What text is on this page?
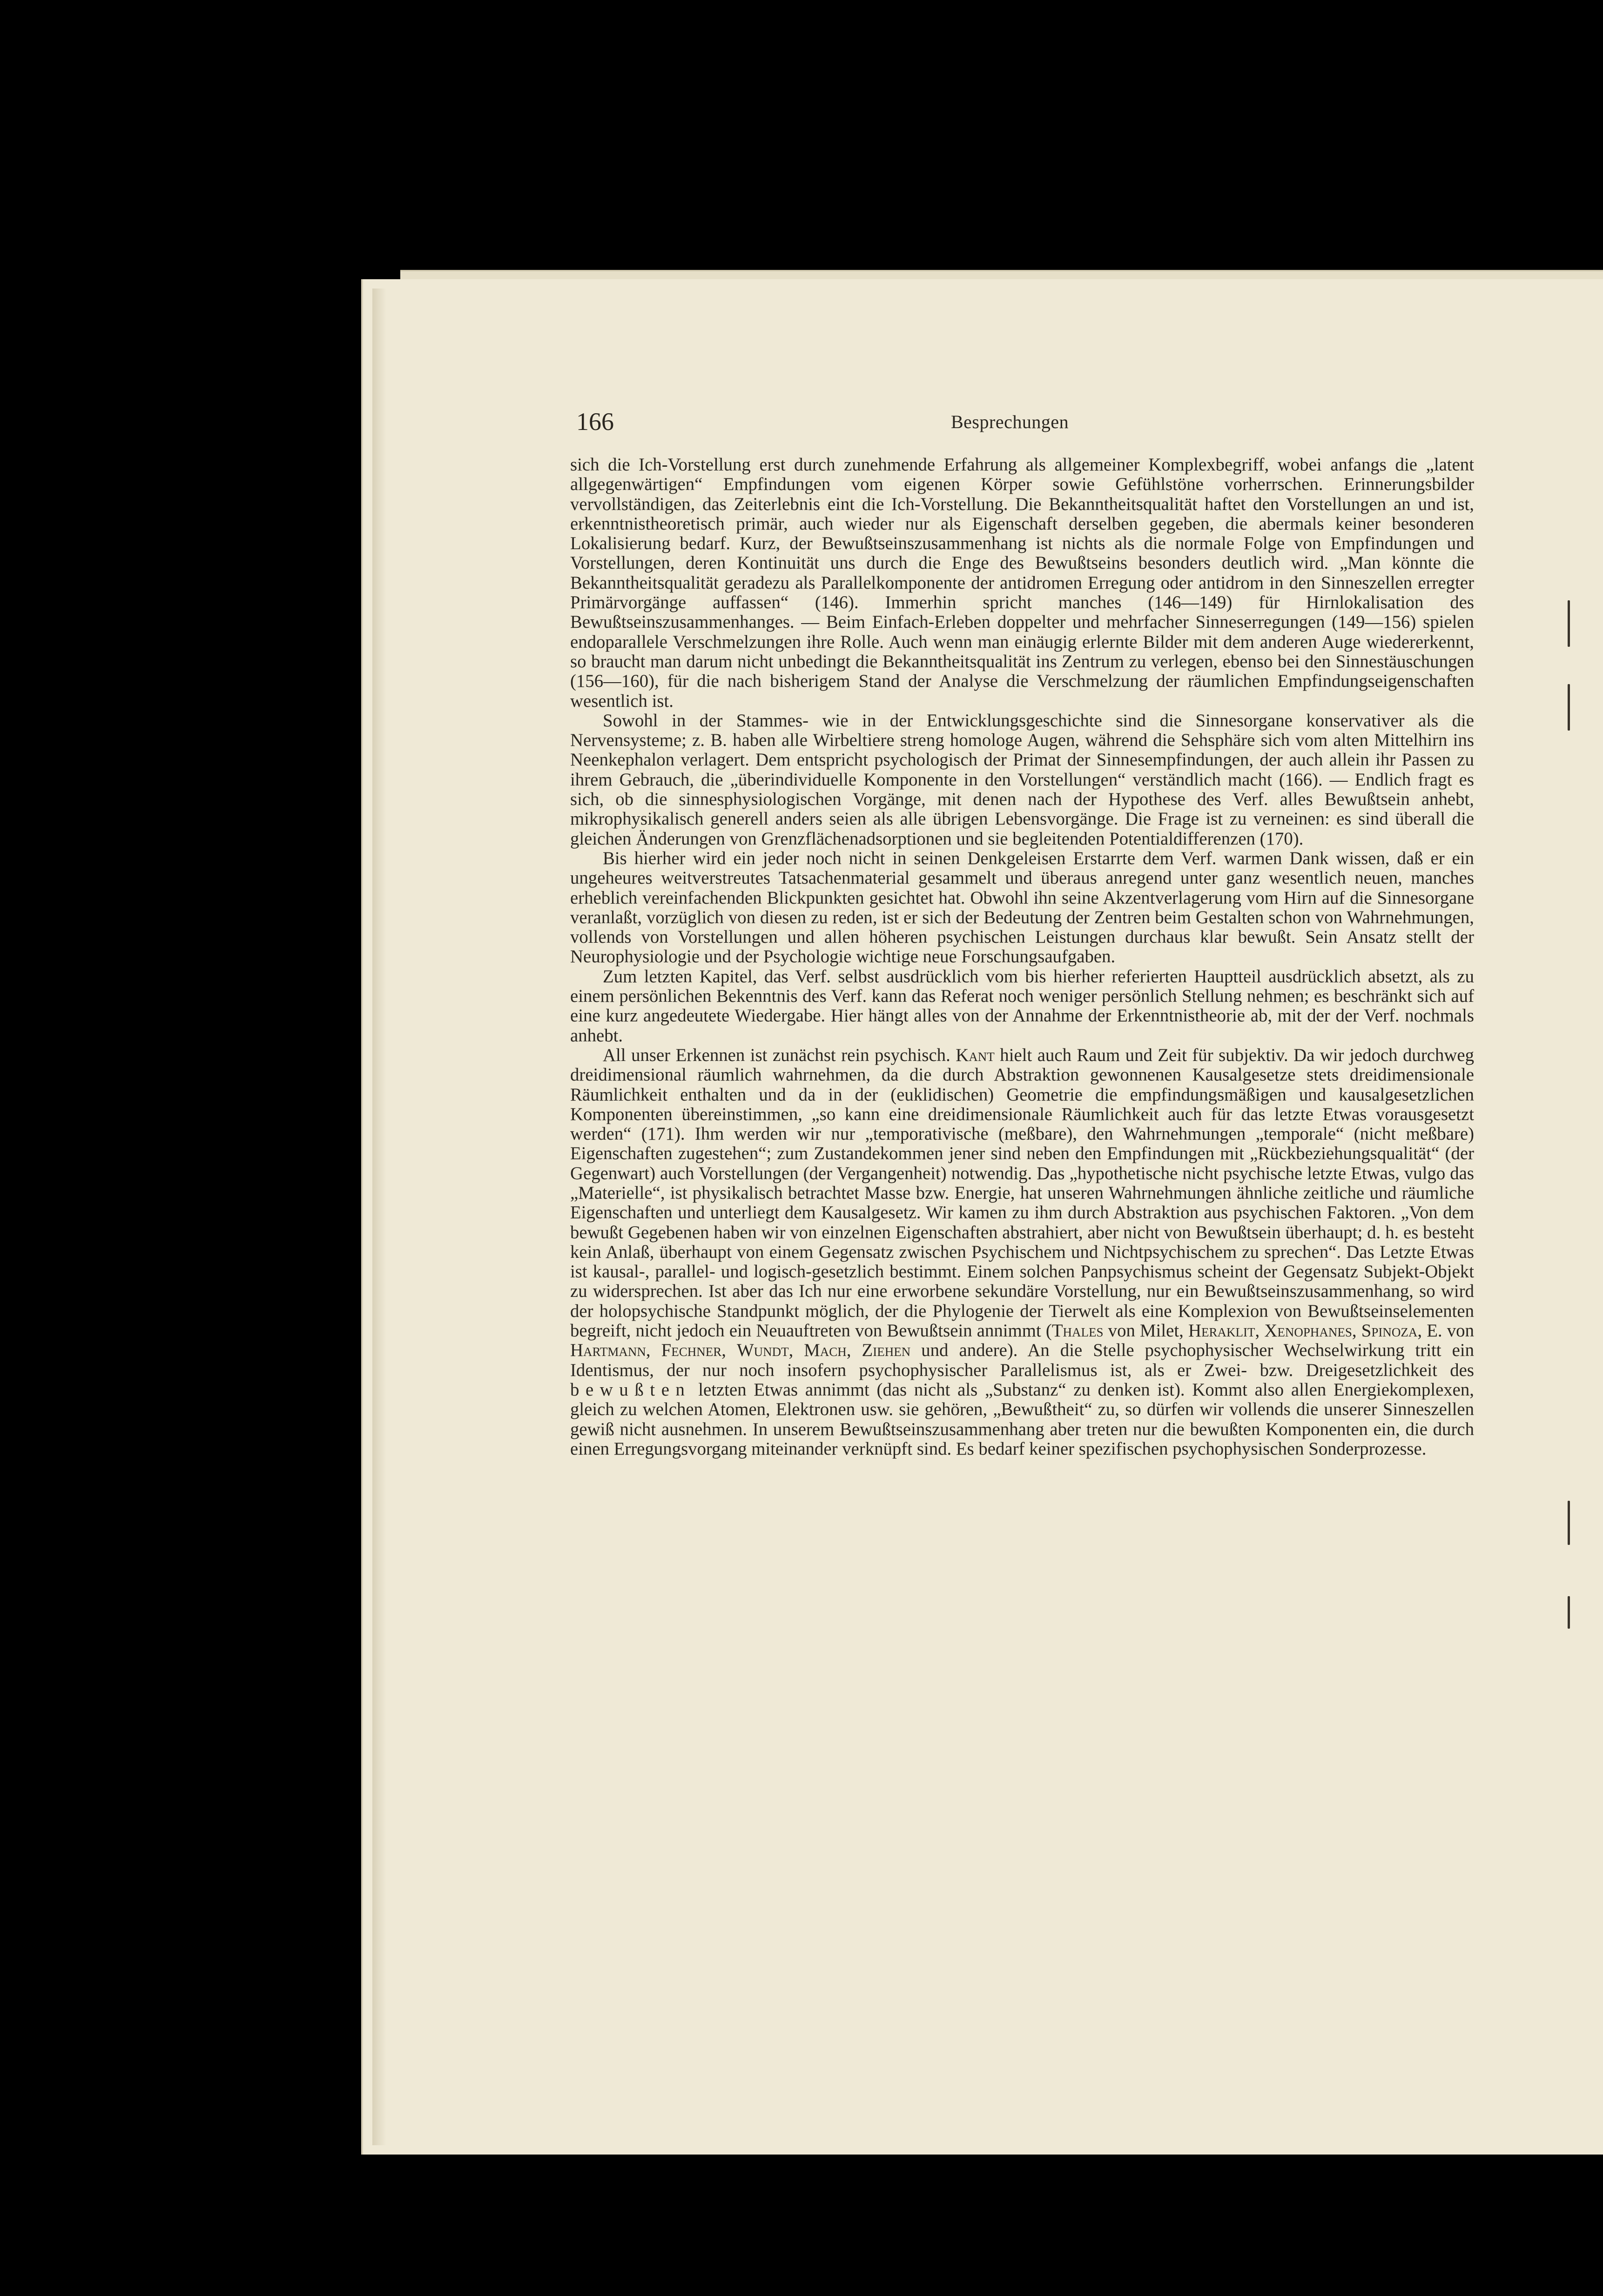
166	Besprechungen

sich die Ich-Vorstellung erst durch zunehmende Erfahrung als allgemeiner Komplexbegriff, wobei anfangs die „latent allgegenwärtigen“ Empfindungen vom eigenen Körper sowie Gefühlstöne vorherrschen. Erinnerungsbilder vervollständigen, das Zeiterlebnis eint die Ich-Vorstellung. Die Bekanntheitsqualität haftet den Vorstellungen an und ist, erkenntnistheoretisch primär, auch wieder nur als Eigenschaft derselben gegeben, die abermals keiner besonderen Lokalisierung bedarf. Kurz, der Bewußtseinszusammenhang ist nichts als die normale Folge von Empfindungen und Vorstellungen, deren Kontinuität uns durch die Enge des Bewußtseins besonders deutlich wird. „Man könnte die Bekanntheitsqualität geradezu als Parallelkomponente der antidromen Erregung oder antidrom in den Sinneszellen erregter Primärvorgänge auffassen“ (146). Immerhin spricht manches (146—149) für Hirnlokalisation des Bewußtseinszusammenhanges. — Beim Einfach-Erleben doppelter und mehrfacher Sinneserregungen (149—156) spielen endoparallele Verschmelzungen ihre Rolle. Auch wenn man einäugig erlernte Bilder mit dem anderen Auge wiedererkennt, so braucht man darum nicht unbedingt die Bekanntheitsqualität ins Zentrum zu verlegen, ebenso bei den Sinnestäuschungen (156—160), für die nach bisherigem Stand der Analyse die Verschmelzung der räumlichen Empfindungseigenschaften wesentlich ist.

Sowohl in der Stammes- wie in der Entwicklungsgeschichte sind die Sinnesorgane konservativer als die Nervensysteme; z. B. haben alle Wirbeltiere streng homologe Augen, während die Sehsphäre sich vom alten Mittelhirn ins Neenkephalon verlagert. Dem entspricht psychologisch der Primat der Sinnesempfindungen, der auch allein ihr Passen zu ihrem Gebrauch, die „überindividuelle Komponente in den Vorstellungen“ verständlich macht (166). — Endlich fragt es sich, ob die sinnesphysiologischen Vorgänge, mit denen nach der Hypothese des Verf. alles Bewußtsein anhebt, mikrophysikalisch generell anders seien als alle übrigen Lebensvorgänge. Die Frage ist zu verneinen: es sind überall die gleichen Änderungen von Grenzflächenadsorptionen und sie begleitenden Potentialdifferenzen (170).

Bis hierher wird ein jeder noch nicht in seinen Denkgeleisen Erstarrte dem Verf. warmen Dank wissen, daß er ein ungeheures weitverstreutes Tatsachenmaterial gesammelt und überaus anregend unter ganz wesentlich neuen, manches erheblich vereinfachenden Blickpunkten gesichtet hat. Obwohl ihn seine Akzentverlagerung vom Hirn auf die Sinnesorgane veranlaßt, vorzüglich von diesen zu reden, ist er sich der Bedeutung der Zentren beim Gestalten schon von Wahrnehmungen, vollends von Vorstellungen und allen höheren psychischen Leistungen durchaus klar bewußt. Sein Ansatz stellt der Neurophysiologie und der Psychologie wichtige neue Forschungsaufgaben.

Zum letzten Kapitel, das Verf. selbst ausdrücklich vom bis hierher referierten Hauptteil ausdrücklich absetzt, als zu einem persönlichen Bekenntnis des Verf. kann das Referat noch weniger persönlich Stellung nehmen; es beschränkt sich auf eine kurz angedeutete Wiedergabe. Hier hängt alles von der Annahme der Erkenntnistheorie ab, mit der der Verf. nochmals anhebt.

All unser Erkennen ist zunächst rein psychisch. Kant hielt auch Raum und Zeit für subjektiv. Da wir jedoch durchweg dreidimensional räumlich wahrnehmen, da die durch Abstraktion gewonnenen Kausalgesetze stets dreidimensionale Räumlichkeit enthalten und da in der (euklidischen) Geometrie die empfindungsmäßigen und kausalgesetzlichen Komponenten übereinstimmen, „so kann eine dreidimensionale Räumlichkeit auch für das letzte Etwas vorausgesetzt werden“ (171). Ihm werden wir nur „temporativische (meßbare), den Wahrnehmungen „temporale“ (nicht meßbare) Eigenschaften zugestehen“; zum Zustandekommen jener sind neben den Empfindungen mit „Rückbeziehungsqualität“ (der Gegenwart) auch Vorstellungen (der Vergangenheit) notwendig. Das „hypothetische nicht psychische letzte Etwas, vulgo das „Materielle“, ist physikalisch betrachtet Masse bzw. Energie, hat unseren Wahrnehmungen ähnliche zeitliche und räumliche Eigenschaften und unterliegt dem Kausalgesetz. Wir kamen zu ihm durch Abstraktion aus psychischen Faktoren. „Von dem bewußt Gegebenen haben wir von einzelnen Eigenschaften abstrahiert, aber nicht von Bewußtsein überhaupt; d. h. es besteht kein Anlaß, überhaupt von einem Gegensatz zwischen Psychischem und Nichtpsychischem zu sprechen“. Das Letzte Etwas ist kausal-, parallel- und logisch-gesetzlich bestimmt. Einem solchen Panpsychismus scheint der Gegensatz Subjekt-Objekt zu widersprechen. Ist aber das Ich nur eine erworbene sekundäre Vorstellung, nur ein Bewußtseinszusammenhang, so wird der holopsychische Standpunkt möglich, der die Phylogenie der Tierwelt als eine Komplexion von Bewußtseinselementen begreift, nicht jedoch ein Neuauftreten von Bewußtsein annimmt (Thales von Milet, Heraklit, Xenophanes, Spinoza, E. von Hartmann, Fechner, Wundt, Mach, Ziehen und andere). An die Stelle psychophysischer Wechselwirkung tritt ein Identismus, der nur noch insofern psychophysischer Parallelismus ist, als er Zwei- bzw. Dreigesetzlichkeit des bewußten letzten Etwas annimmt (das nicht als „Substanz“ zu denken ist). Kommt also allen Energiekomplexen, gleich zu welchen Atomen, Elektronen usw. sie gehören, „Bewußtheit“ zu, so dürfen wir vollends die unserer Sinneszellen gewiß nicht ausnehmen. In unserem Bewußtseinszusammenhang aber treten nur die bewußten Komponenten ein, die durch einen Erregungsvorgang miteinander verknüpft sind. Es bedarf keiner spezifischen psychophysischen Sonderprozesse.
